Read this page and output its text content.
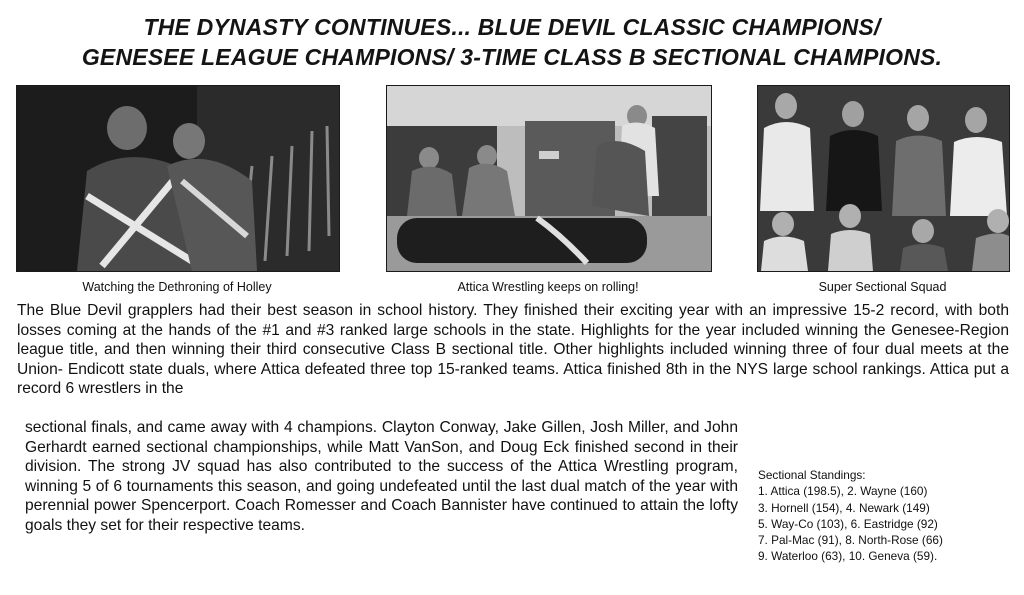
THE DYNASTY CONTINUES... BLUE DEVIL CLASSIC CHAMPIONS/
GENESEE LEAGUE CHAMPIONS/ 3-TIME CLASS B SECTIONAL CHAMPIONS.
Watching the Dethroning of Holley	Attica Wrestling keeps on rolling!	Super Sectional Squad
The Blue Devil grapplers had their best season in school history. They finished their exciting year with an impressive 15-2 record, with both losses coming at the hands of the #1 and #3 ranked large schools in the state. Highlights for the year included winning the Genesee-Region league title, and then winning their third consecutive Class B sectional title. Other highlights included winning three of four dual meets at the Union- Endicott state duals, where Attica defeated three top 15-ranked teams. Attica finished 8th in the NYS large school rankings. Attica put a record 6 wrestlers in the
sectional finals, and came away with 4 champions. Clayton Conway, Jake Gillen, Josh Miller, and John Gerhardt earned sectional championships, while Matt VanSon, and Doug Eck finished second in their division. The strong JV squad has also contributed to the success of the Attica Wrestling program, winning 5 of 6 tournaments this season, and going undefeated until the last dual match of the year with perennial power Spencerport. Coach Romesser and Coach Bannister have continued to attain the lofty goals they set for their respective teams.
Sectional Standings:
1. Attica (198.5), 2. Wayne (160)
3. Hornell (154), 4. Newark (149)
5. Way-Co (103), 6. Eastridge (92)
7. Pal-Mac (91), 8. North-Rose (66)
9. Waterloo (63), 10. Geneva (59).
